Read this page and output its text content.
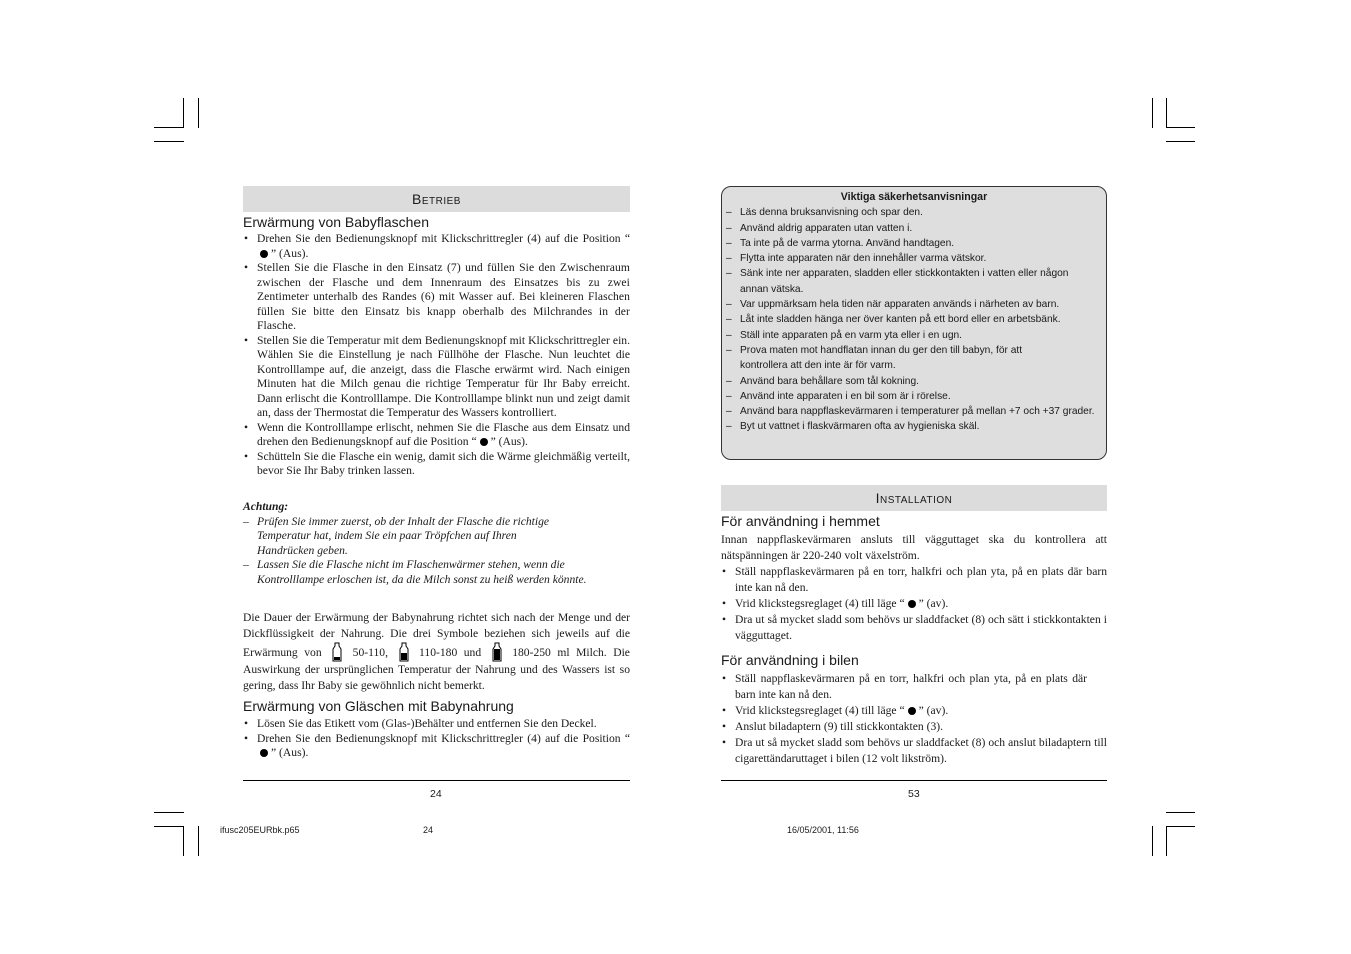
Betrieb
Erwärmung von Babyflaschen
• Drehen Sie den Bedienungsknopf mit Klickschrittregler (4) auf die Position “” (Aus).
• Stellen Sie die Flasche in den Einsatz (7) und füllen Sie den Zwischenraum zwischen der Flasche und dem Innenraum des Einsatzes bis zu zwei Zentimeter unterhalb des Randes (6) mit Wasser auf. Bei kleineren Flaschen füllen Sie bitte den Einsatz bis knapp oberhalb des Milchrandes in der Flasche.
• Stellen Sie die Temperatur mit dem Bedienungsknopf mit Klickschrittregler ein. Wählen Sie die Einstellung je nach Füllhöhe der Flasche. Nun leuchtet die Kontrolllampe auf, die anzeigt, dass die Flasche erwärmt wird. Nach einigen Minuten hat die Milch genau die richtige Temperatur für Ihr Baby erreicht. Dann erlischt die Kontrolllampe. Die Kontrolllampe blinkt nun und zeigt damit an, dass der Thermostat die Temperatur des Wassers kontrolliert.
• Wenn die Kontrolllampe erlischt, nehmen Sie die Flasche aus dem Einsatz und drehen den Bedienungsknopf auf die Position “ ” (Aus).
• Schütteln Sie die Flasche ein wenig, damit sich die Wärme gleichmäßig verteilt, bevor Sie Ihr Baby trinken lassen.

Achtung:

– Prüfen Sie immer zuerst, ob der Inhalt der Flasche die richtige Temperatur hat, indem Sie ein paar Tröpfchen auf Ihren Handrücken geben.
– Lassen Sie die Flasche nicht im Flaschenwärmer stehen, wenn die Kontrolllampe erloschen ist, da die Milch sonst zu heiß werden könnte.
Die Dauer der Erwärmung der Babynahrung richtet sich nach der Menge und der Dickflüssigkeit der Nahrung. Die drei Symbole beziehen sich jeweils auf die Erwärmung von	50-110,	110-180 und	180-250 ml Milch. Die Auswirkung der ursprünglichen Temperatur der Nahrung und des Wassers ist so gering, dass Ihr Baby sie gewöhnlich nicht bemerkt.
Erwärmung von Gläschen mit Babynahrung
• Lösen Sie das Etikett vom (Glas-)Behälter und entfernen Sie den Deckel.
• Drehen Sie den Bedienungsknopf mit Klickschrittregler (4) auf die Position “” (Aus).
24
Viktiga säkerhetsanvisningar
– Läs denna bruksanvisning och spar den.
– Använd aldrig apparaten utan vatten i.
– Ta inte på de varma ytorna. Använd handtagen.
– Flytta inte apparaten när den innehåller varma vätskor.
– Sänk inte ner apparaten, sladden eller stickkontakten i vatten eller någon annan vätska.
– Var uppmärksam hela tiden när apparaten används i närheten av barn.
– Låt inte sladden hänga ner över kanten på ett bord eller en arbetsbänk.
– Ställ inte apparaten på en varm yta eller i en ugn.
– Prova maten mot handflatan innan du ger den till babyn, för att kontrollera att den inte är för varm.
– Använd bara behållare som tål kokning.
– Använd inte apparaten i en bil som är i rörelse.
– Använd bara nappflaskevärmaren i temperaturer på mellan +7 och +37 grader.
– Byt ut vattnet i flaskvärmaren ofta av hygieniska skäl.
Installation
För användning i hemmet

Innan nappflaskevärmaren ansluts till vägguttaget ska du kontrollera att nätspänningen är 220-240 volt växelström.

• Ställ nappflaskevärmaren på en torr, halkfri och plan yta, på en plats där barn inte kan nå den.
• Vrid klickstegsreglaget (4) till läge “ ” (av).
• Dra ut så mycket sladd som behövs ur sladdfacket (8) och sätt i stickkontakten i vägguttaget.
För användning i bilen
• Ställ nappflaskevärmaren på en torr, halkfri och plan yta, på en plats där barn inte kan nå den.
• Vrid klickstegsreglaget (4) till läge “ ” (av).
• Anslut biladaptern (9) till stickkontakten (3).
• Dra ut så mycket sladd som behövs ur sladdfacket (8) och anslut biladaptern till cigarettändaruttaget i bilen (12 volt likström).
53
ifusc205EURbk.p65	24	16/05/2001, 11:56
